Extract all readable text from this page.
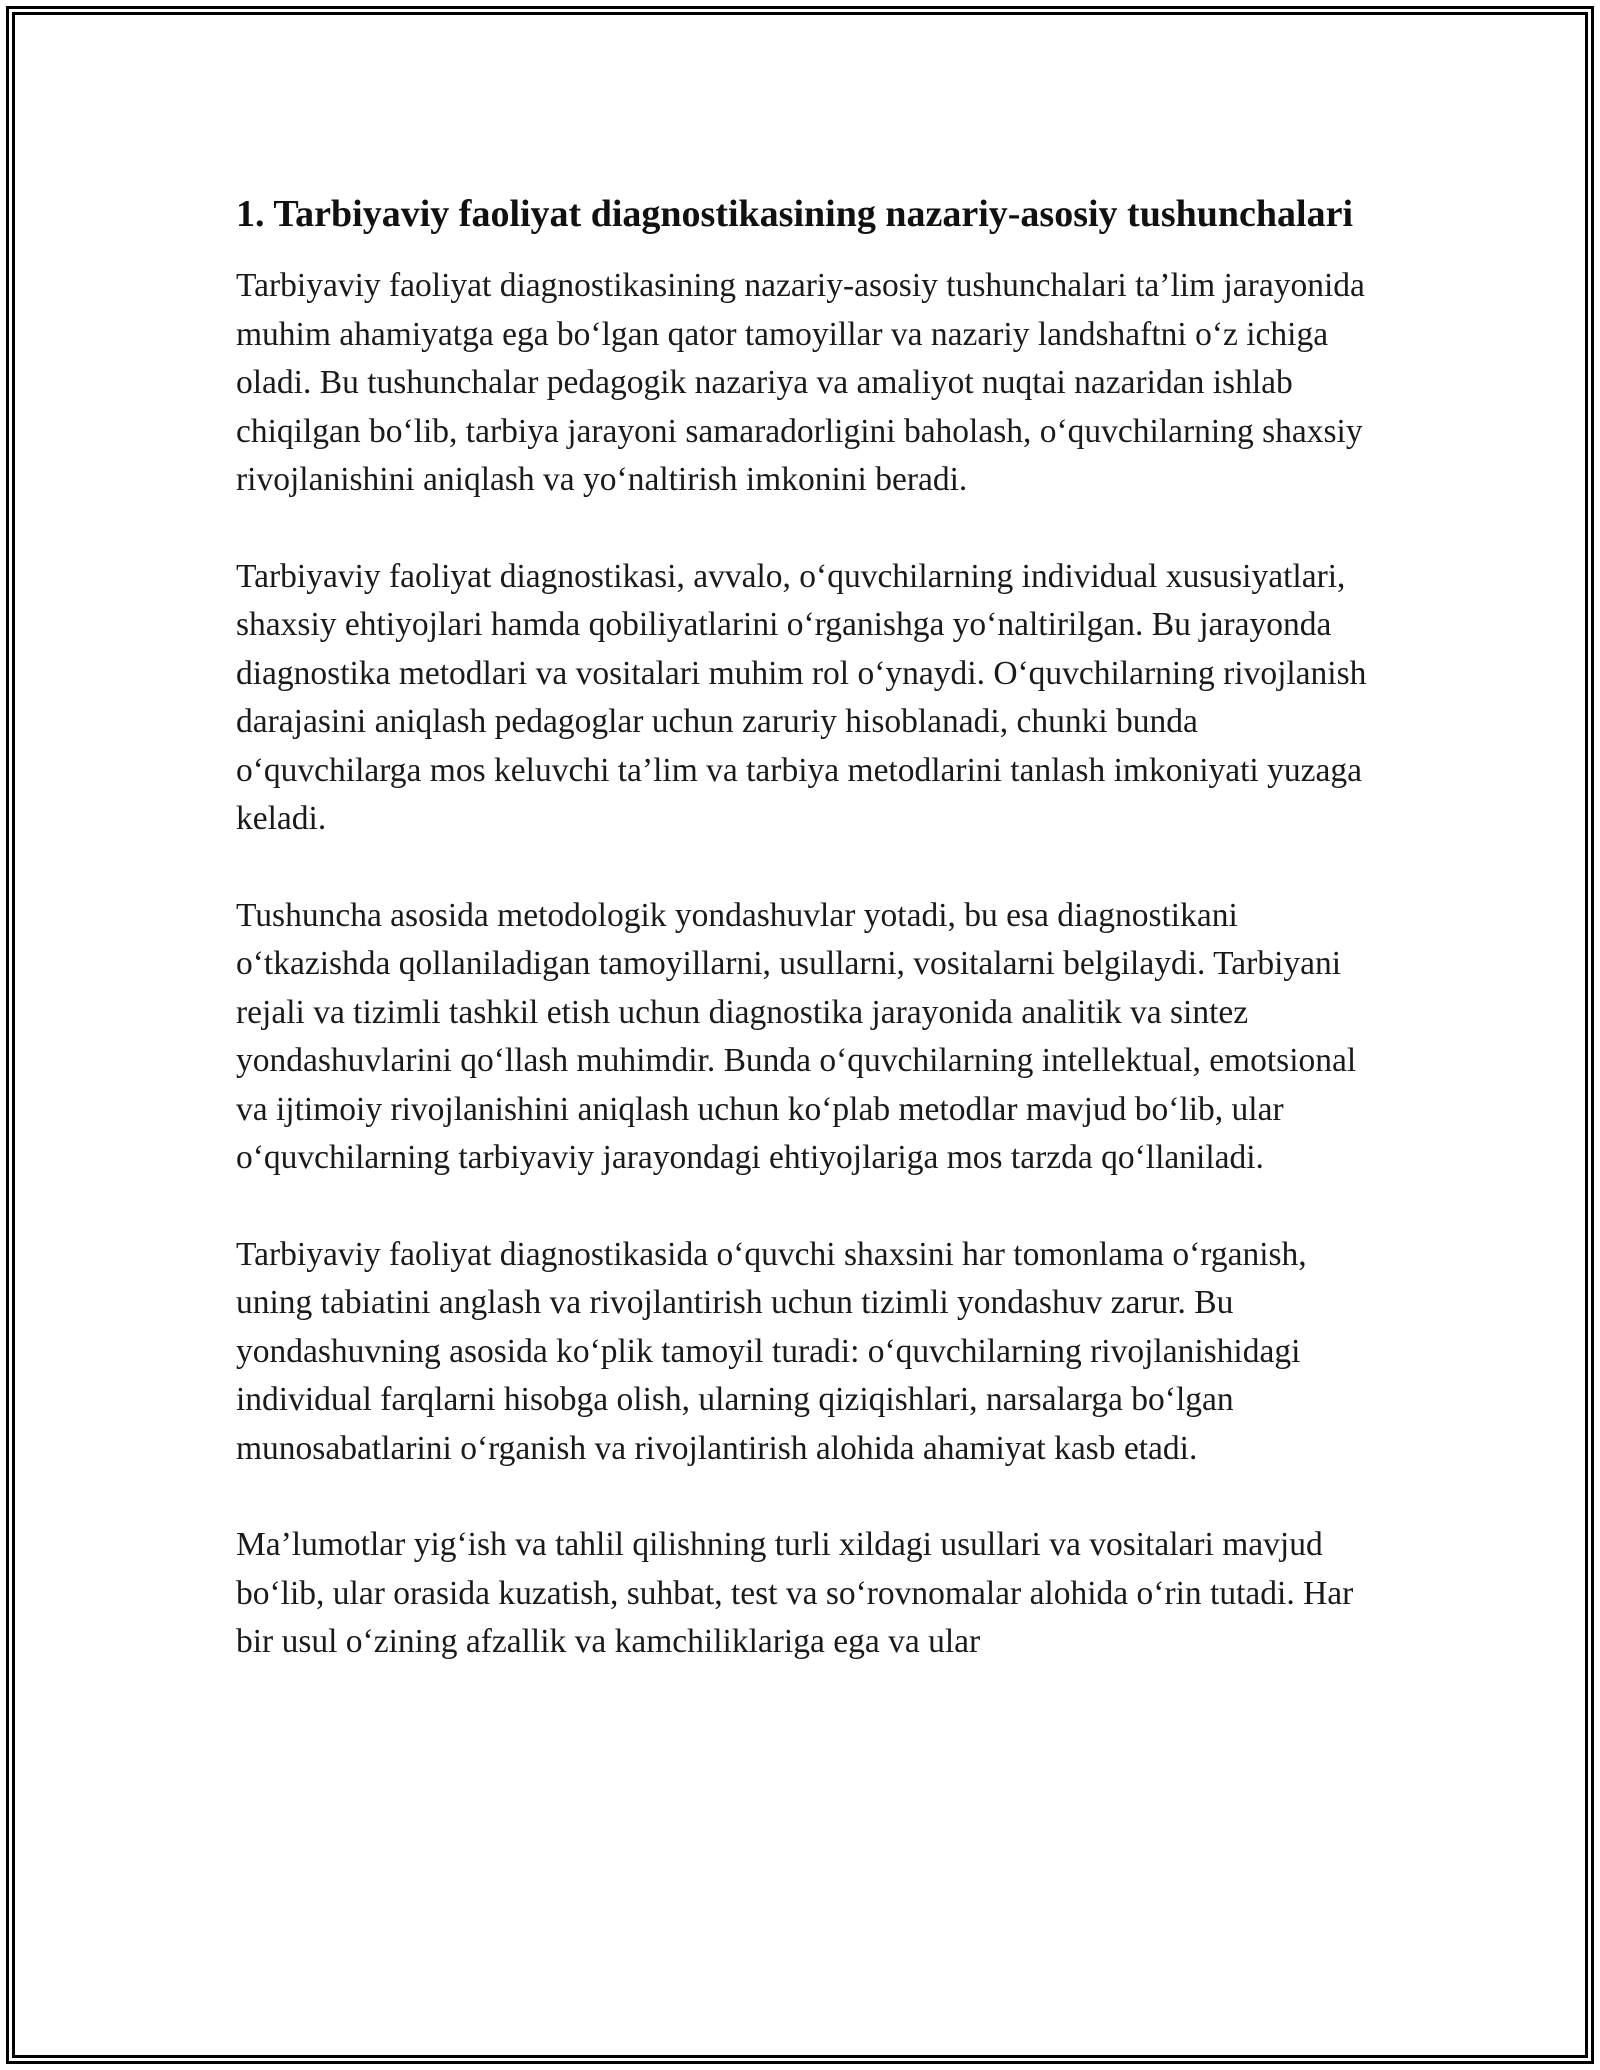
1. Tarbiyaviy faoliyat diagnostikasining nazariy-asosiy tushunchalari

Tarbiyaviy faoliyat diagnostikasining nazariy-asosiy tushunchalari ta’lim jarayonida muhim ahamiyatga ega boʻlgan qator tamoyillar va nazariy landshaftni oʻz ichiga oladi. Bu tushunchalar pedagogik nazariya va amaliyot nuqtai nazaridan ishlab chiqilgan boʻlib, tarbiya jarayoni samaradorligini baholash, oʻquvchilarning shaxsiy rivojlanishini aniqlash va yoʻnaltirish imkonini beradi.

Tarbiyaviy faoliyat diagnostikasi, avvalo, oʻquvchilarning individual xususiyatlari, shaxsiy ehtiyojlari hamda qobiliyatlarini oʻrganishga yoʻnaltirilgan. Bu jarayonda diagnostika metodlari va vositalari muhim rol oʻynaydi. Oʻquvchilarning rivojlanish darajasini aniqlash pedagoglar uchun zaruriy hisoblanadi, chunki bunda oʻquvchilarga mos keluvchi ta’lim va tarbiya metodlarini tanlash imkoniyati yuzaga keladi.

Tushuncha asosida metodologik yondashuvlar yotadi, bu esa diagnostikani oʻtkazishda qollaniladigan tamoyillarni, usullarni, vositalarni belgilaydi. Tarbiyani rejali va tizimli tashkil etish uchun diagnostika jarayonida analitik va sintez yondashuvlarini qoʻllash muhimdir. Bunda oʻquvchilarning intellektual, emotsional va ijtimoiy rivojlanishini aniqlash uchun koʻplab metodlar mavjud boʻlib, ular oʻquvchilarning tarbiyaviy jarayondagi ehtiyojlariga mos tarzda qoʻllaniladi.

Tarbiyaviy faoliyat diagnostikasida oʻquvchi shaxsini har tomonlama oʻrganish, uning tabiatini anglash va rivojlantirish uchun tizimli yondashuv zarur. Bu yondashuvning asosida koʻplik tamoyil turadi: oʻquvchilarning rivojlanishidagi individual farqlarni hisobga olish, ularning qiziqishlari, narsalarga boʻlgan munosabatlarini oʻrganish va rivojlantirish alohida ahamiyat kasb etadi.

Ma’lumotlar yigʻish va tahlil qilishning turli xildagi usullari va vositalari mavjud boʻlib, ular orasida kuzatish, suhbat, test va soʻrovnomalar alohida oʻrin tutadi. Har bir usul oʻzining afzallik va kamchiliklariga ega va ular
